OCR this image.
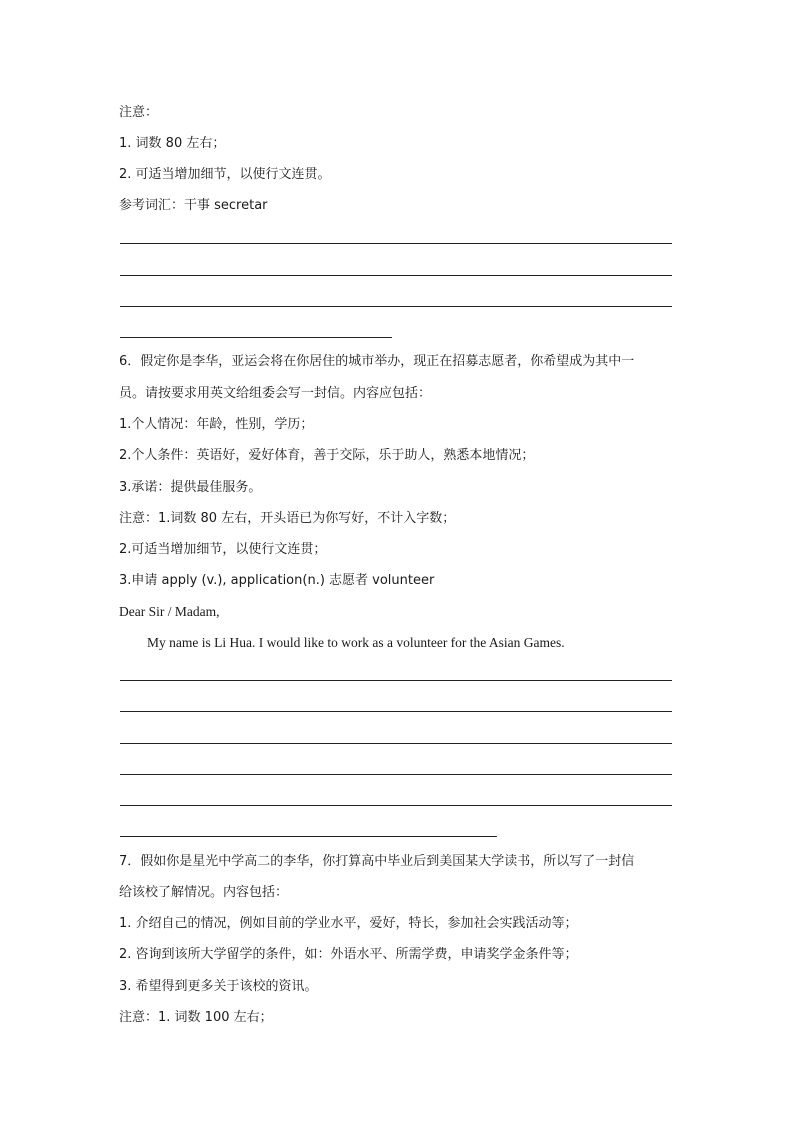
注意：
1. 词数 80 左右；
2. 可适当增加细节，以使行文连贯。
参考词汇：干事 secretar
6．假定你是李华，亚运会将在你居住的城市举办，现正在招募志愿者，你希望成为其中一
员。请按要求用英文给组委会写一封信。内容应包括：
1.个人情况：年龄，性别，学历；
2.个人条件：英语好，爱好体育，善于交际，乐于助人，熟悉本地情况；
3.承诺：提供最佳服务。
注意：1.词数 80 左右，开头语已为你写好，不计入字数；
2.可适当增加细节，以使行文连贯；
3.申请 apply (v.), application(n.) 志愿者 volunteer
Dear Sir / Madam,
My name is Li Hua. I would like to work as a volunteer for the Asian Games.
7．假如你是星光中学高二的李华，你打算高中毕业后到美国某大学读书，所以写了一封信
给该校了解情况。内容包括：
1. 介绍自己的情况，例如目前的学业水平，爱好，特长，参加社会实践活动等；
2. 咨询到该所大学留学的条件，如：外语水平、所需学费，申请奖学金条件等；
3. 希望得到更多关于该校的资讯。
注意：1. 词数 100 左右；
